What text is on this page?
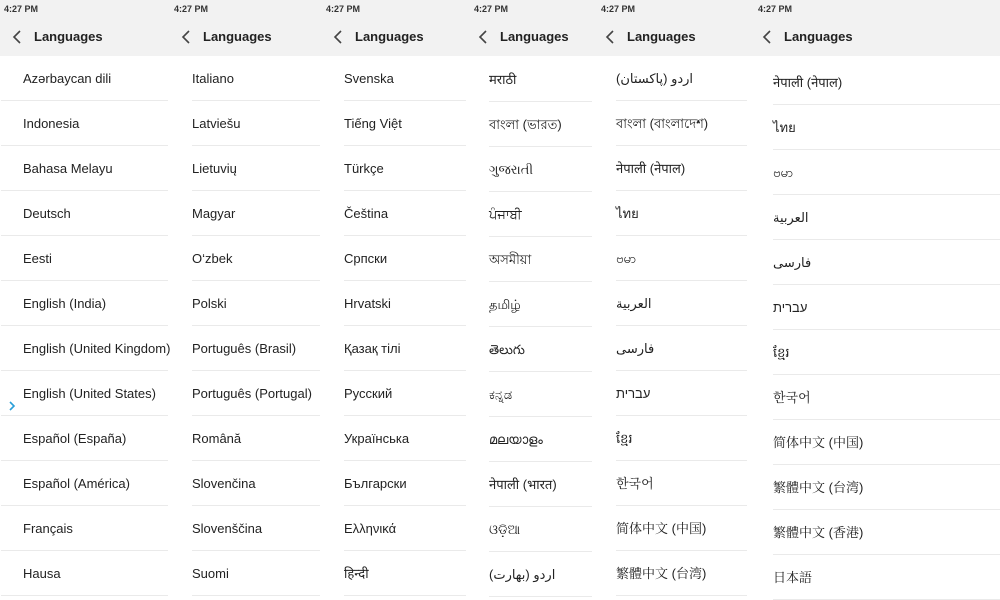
4:27 PM
Languages
Azərbaycan dili
Indonesia
Bahasa Melayu
Deutsch
Eesti
English (India)
English (United Kingdom)
English (United States)
Español (España)
Español (América)
Français
Hausa
4:27 PM
Languages
Italiano
Latviešu
Lietuvių
Magyar
O‘zbek
Polski
Português (Brasil)
Português (Portugal)
Română
Slovenčina
Slovenščina
Suomi
4:27 PM
Languages
Svenska
Tiếng Việt
Türkçe
Čeština
Српски
Hrvatski
Қазақ тілі
Русский
Українська
Български
Ελληνικά
हिन्दी
4:27 PM
Languages
मराठी
বাংলা (ভারত)
ગુજરાતી
ਪੰਜਾਬੀ
অসমীয়া
தமிழ்
తెలుగు
ಕನ್ನಡ
മലയാളം
नेपाली (भारत)
ଓଡ଼ିଆ
اردو (بھارت)
4:27 PM
Languages
اردو (پاکستان)
বাংলা (বাংলাদেশ)
नेपाली (नेपाल)
ไทย
ဗမာ
العربية
فارسی
עברית
ខ្មែរ
한국어
简体中文 (中国)
繁體中文 (台湾)
4:27 PM
Languages
नेपाली (नेपाल)
ไทย
ဗမာ
العربية
فارسی
עברית
ខ្មែរ
한국어
简体中文 (中国)
繁體中文 (台湾)
繁體中文 (香港)
日本語
